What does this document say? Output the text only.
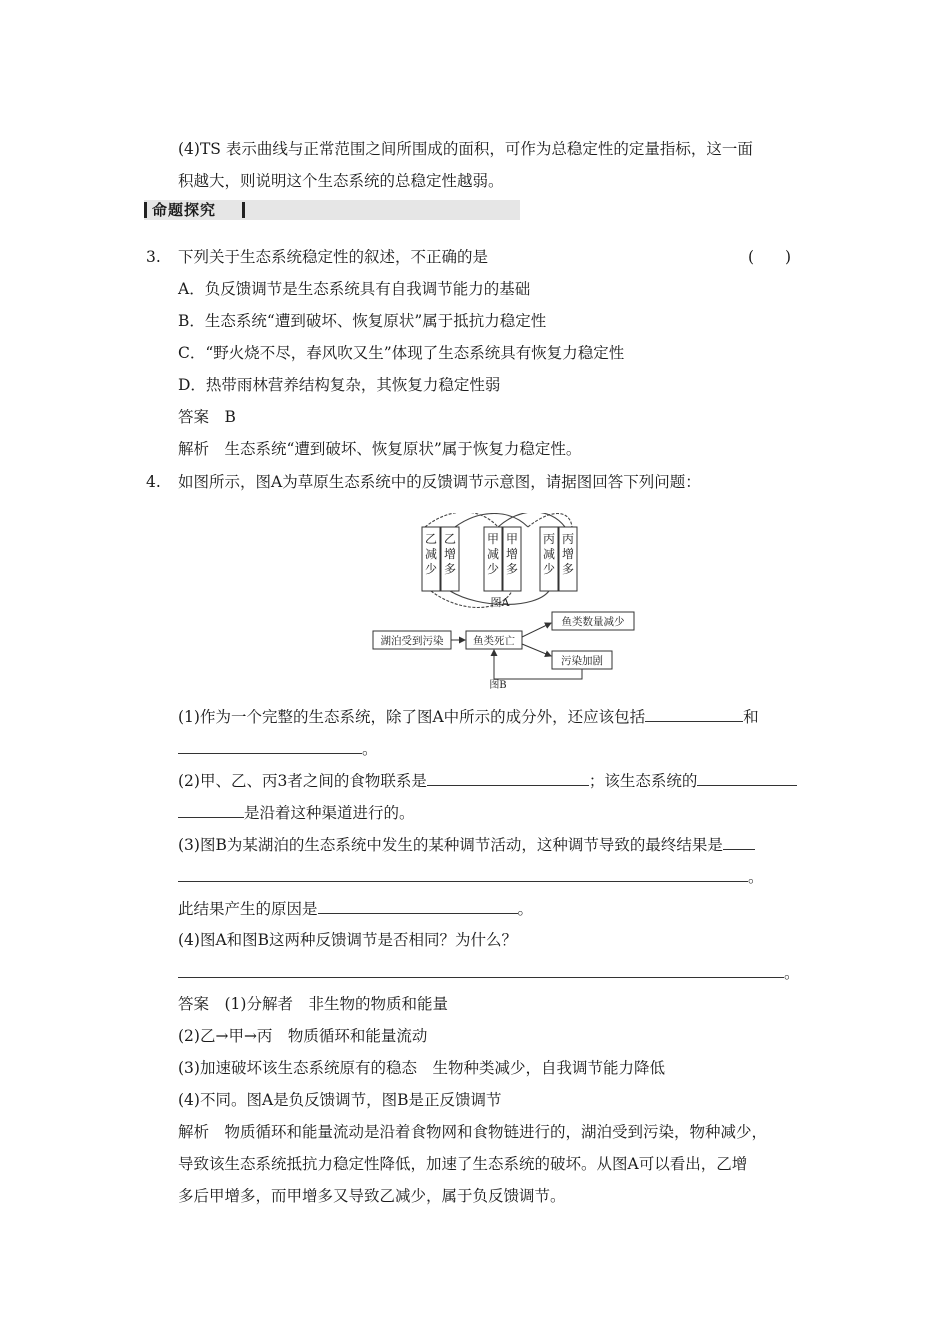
(4)TS 表示曲线与正常范围之间所围成的面积，可作为总稳定性的定量指标，这一面
积越大，则说明这个生态系统的总稳定性越弱。
命题探究
3. 下列关于生态系统稳定性的叙述，不正确的是	(　　)
A．负反馈调节是生态系统具有自我调节能力的基础
B．生态系统“遭到破坏、恢复原状”属于抵抗力稳定性
C．“野火烧不尽，春风吹又生”体现了生态系统具有恢复力稳定性
D．热带雨林营养结构复杂，其恢复力稳定性弱
答案　B
解析　生态系统“遭到破坏、恢复原状”属于恢复力稳定性。
4. 如图所示，图A为草原生态系统中的反馈调节示意图，请据图回答下列问题：
乙减少
乙增多
甲减少
甲增多
丙减少
丙增多
图A
湖泊受到污染	鱼类死亡
鱼类数量减少
污染加剧
图B
(1)作为一个完整的生态系统，除了图A中所示的成分外，还应该包括	和
。
(2)甲、乙、丙3者之间的食物联系是	；该生态系统的
是沿着这种渠道进行的。
(3)图B为某湖泊的生态系统中发生的某种调节活动，这种调节导致的最终结果是
。
此结果产生的原因是	。
(4)图A和图B这两种反馈调节是否相同？为什么？
。
答案　(1)分解者　非生物的物质和能量
(2)乙→甲→丙　物质循环和能量流动
(3)加速破坏该生态系统原有的稳态　生物种类减少，自我调节能力降低
(4)不同。图A是负反馈调节，图B是正反馈调节
解析　物质循环和能量流动是沿着食物网和食物链进行的，湖泊受到污染，物种减少，
导致该生态系统抵抗力稳定性降低，加速了生态系统的破坏。从图A可以看出，乙增
多后甲增多，而甲增多又导致乙减少，属于负反馈调节。
